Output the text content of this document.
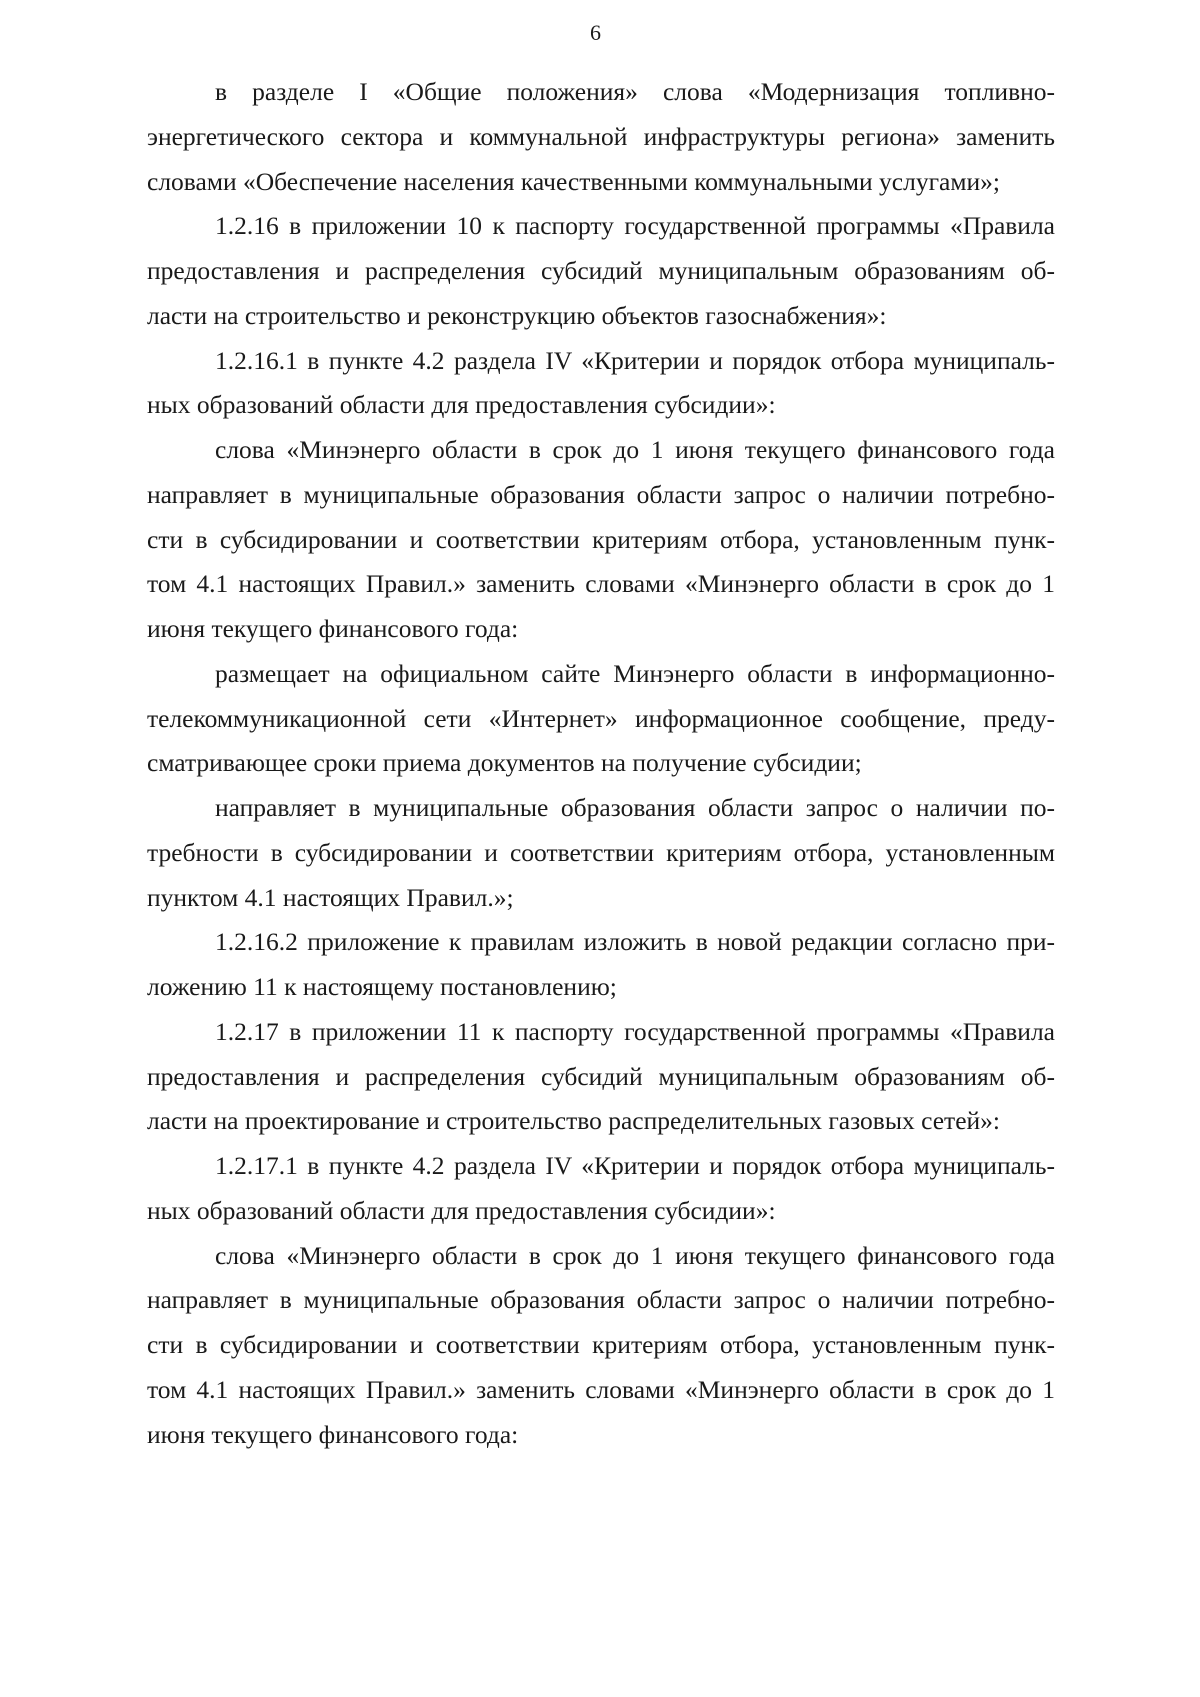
6
в разделе I «Общие положения» слова «Модернизация топливно-
энергетического сектора и коммунальной инфраструктуры региона» заменить
словами «Обеспечение населения качественными коммунальными услугами»;
1.2.16 в приложении 10 к паспорту государственной программы «Правила
предоставления и распределения субсидий муниципальным образованиям об-
ласти на строительство и реконструкцию объектов газоснабжения»:
1.2.16.1 в пункте 4.2 раздела IV «Критерии и порядок отбора муниципаль-
ных образований области для предоставления субсидии»:
слова «Минэнерго области в срок до 1 июня текущего финансового года
направляет в муниципальные образования области запрос о наличии потребно-
сти в субсидировании и соответствии критериям отбора, установленным пунк-
том 4.1 настоящих Правил.» заменить словами «Минэнерго области в срок до 1
июня текущего финансового года:
размещает на официальном сайте Минэнерго области в информационно-
телекоммуникационной сети «Интернет» информационное сообщение, преду-
сматривающее сроки приема документов на получение субсидии;
направляет в муниципальные образования области запрос о наличии по-
требности в субсидировании и соответствии критериям отбора, установленным
пунктом 4.1 настоящих Правил.»;
1.2.16.2 приложение к правилам изложить в новой редакции согласно при-
ложению 11 к настоящему постановлению;
1.2.17 в приложении 11 к паспорту государственной программы «Правила
предоставления и распределения субсидий муниципальным образованиям об-
ласти на проектирование и строительство распределительных газовых сетей»:
1.2.17.1 в пункте 4.2 раздела IV «Критерии и порядок отбора муниципаль-
ных образований области для предоставления субсидии»:
слова «Минэнерго области в срок до 1 июня текущего финансового года
направляет в муниципальные образования области запрос о наличии потребно-
сти в субсидировании и соответствии критериям отбора, установленным пунк-
том 4.1 настоящих Правил.» заменить словами «Минэнерго области в срок до 1
июня текущего финансового года:
